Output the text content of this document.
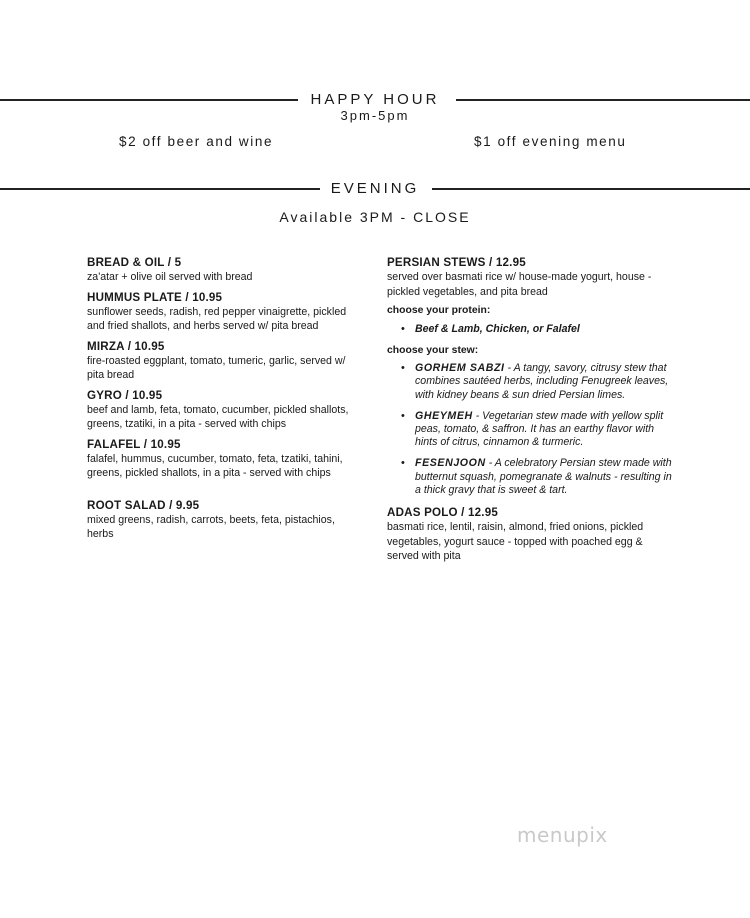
HAPPY HOUR
3pm-5pm
$2 off beer and wine	$1 off evening menu
EVENING
Available 3PM - CLOSE
BREAD & OIL / 5
za'atar + olive oil served with bread
HUMMUS PLATE / 10.95
sunflower seeds, radish, red pepper vinaigrette, pickled and fried shallots, and herbs served w/ pita bread
MIRZA / 10.95
fire-roasted eggplant, tomato, tumeric, garlic, served w/ pita bread
GYRO / 10.95
beef and lamb, feta, tomato, cucumber, pickled shallots, greens, tzatiki, in a pita - served with chips
FALAFEL / 10.95
falafel, hummus, cucumber, tomato, feta, tzatiki, tahini, greens, pickled shallots, in a pita - served with chips
ROOT SALAD / 9.95
mixed greens, radish, carrots, beets, feta, pistachios, herbs
PERSIAN STEWS / 12.95
served over basmati rice w/ house-made yogurt, house - pickled vegetables, and pita bread
choose your protein:
• Beef & Lamb, Chicken, or Falafel
choose your stew:
• GORHEM SABZI - A tangy, savory, citrusy stew that combines sautéed herbs, including Fenugreek leaves, with kidney beans & sun dried Persian limes.
• GHEYMEH - Vegetarian stew made with yellow split peas, tomato, & saffron. It has an earthy flavor with hints of citrus, cinnamon & turmeric.
• FESENJOON - A celebratory Persian stew made with butternut squash, pomegranate & walnuts - resulting in a thick gravy that is sweet & tart.
ADAS POLO / 12.95
basmati rice, lentil, raisin, almond, fried onions, pickled vegetables, yogurt sauce - topped with poached egg & served with pita
menupix
